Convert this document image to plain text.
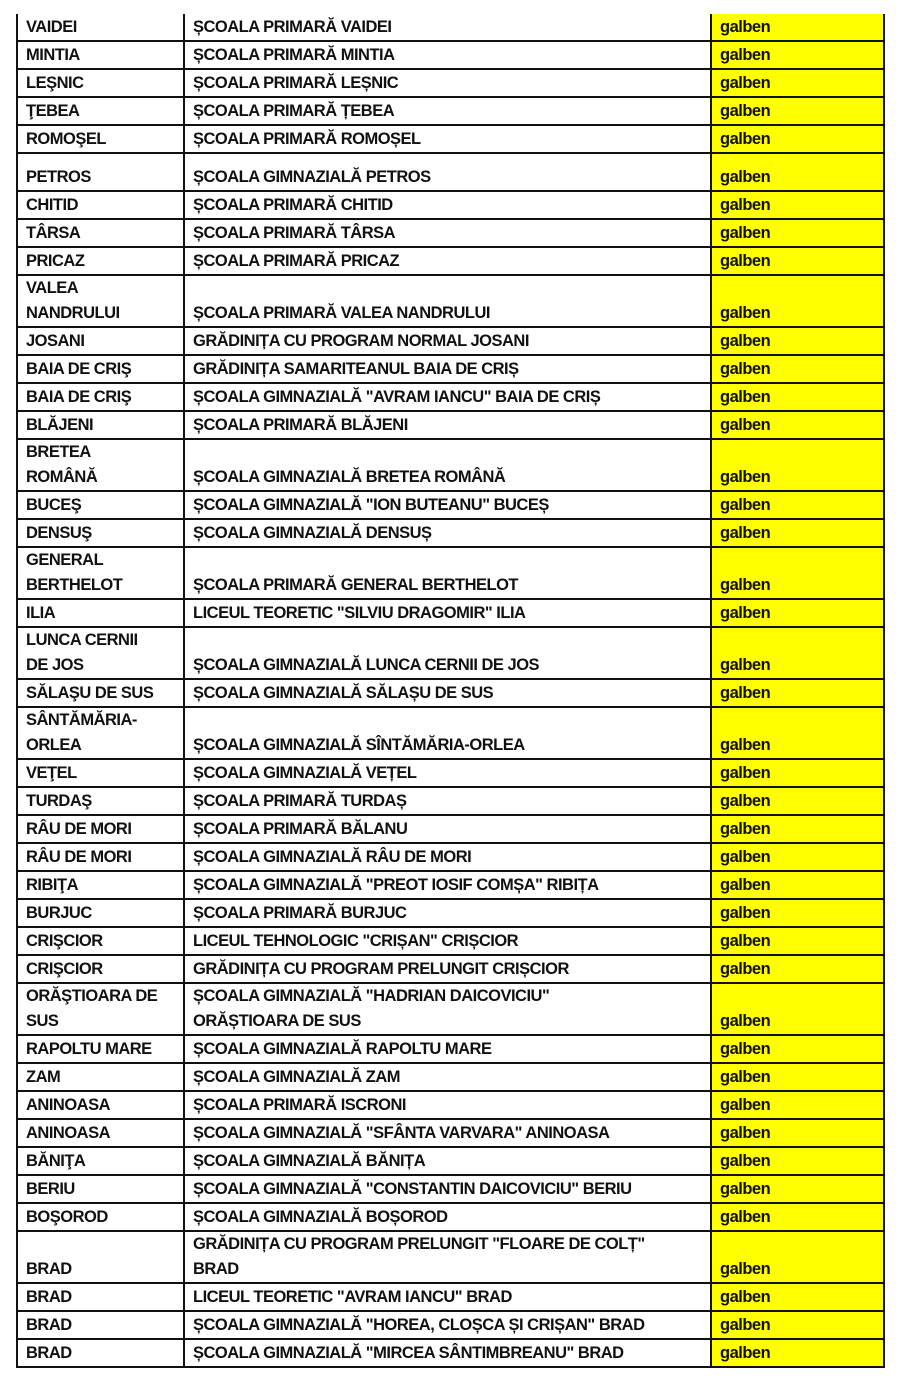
VAIDEI	ȘCOALA PRIMARĂ VAIDEI	galben

MINTIA	ȘCOALA PRIMARĂ MINTIA	galben

LEŞNIC	ȘCOALA PRIMARĂ LEȘNIC	galben

ŢEBEA	ȘCOALA PRIMARĂ ȚEBEA	galben

ROMOŞEL	ȘCOALA PRIMARĂ ROMOȘEL	galben

PETROS	ȘCOALA GIMNAZIALĂ PETROS	galben

CHITID	ȘCOALA PRIMARĂ CHITID	galben

TÂRSA	ȘCOALA PRIMARĂ TÂRSA	galben

PRICAZ	ȘCOALA PRIMARĂ PRICAZ	galben

VALEA
NANDRULUI	ȘCOALA PRIMARĂ VALEA NANDRULUI	galben

JOSANI	GRĂDINIȚA CU PROGRAM NORMAL JOSANI	galben

BAIA DE CRIŞ	GRĂDINIȚA SAMARITEANUL BAIA DE CRIȘ	galben

BAIA DE CRIŞ	ȘCOALA GIMNAZIALĂ "AVRAM IANCU" BAIA DE CRIȘ	galben

BLĂJENI	ȘCOALA PRIMARĂ BLĂJENI	galben

BRETEA
ROMÂNĂ	ȘCOALA GIMNAZIALĂ BRETEA ROMÂNĂ	galben

BUCEŞ	ȘCOALA GIMNAZIALĂ "ION BUTEANU" BUCEȘ	galben

DENSUŞ	ȘCOALA GIMNAZIALĂ DENSUȘ	galben

GENERAL
BERTHELOT	ȘCOALA PRIMARĂ GENERAL BERTHELOT	galben

ILIA	LICEUL TEORETIC "SILVIU DRAGOMIR" ILIA	galben

LUNCA CERNII
DE JOS	ȘCOALA GIMNAZIALĂ LUNCA CERNII DE JOS	galben

SĂLAŞU DE SUS	ȘCOALA GIMNAZIALĂ SĂLAȘU DE SUS	galben

SÂNTĂMĂRIA-
ORLEA	ȘCOALA GIMNAZIALĂ SÎNTĂMĂRIA-ORLEA	galben

VEŢEL	ȘCOALA GIMNAZIALĂ VEȚEL	galben

TURDAŞ	ȘCOALA PRIMARĂ TURDAȘ	galben

RÂU DE MORI	ȘCOALA PRIMARĂ BĂLANU	galben

RÂU DE MORI	ȘCOALA GIMNAZIALĂ RÂU DE MORI	galben

RIBIŢA	ȘCOALA GIMNAZIALĂ "PREOT IOSIF COMȘA" RIBIȚA	galben

BURJUC	ȘCOALA PRIMARĂ BURJUC	galben

CRIŞCIOR	LICEUL TEHNOLOGIC "CRIȘAN" CRIȘCIOR	galben

CRIŞCIOR	GRĂDINIȚA CU PROGRAM PRELUNGIT CRIȘCIOR	galben

ORĂŞTIOARA DE
SUS	ȘCOALA GIMNAZIALĂ "HADRIAN DAICOVICIU"
ORĂȘTIOARA DE SUS	galben

RAPOLTU MARE	ȘCOALA GIMNAZIALĂ RAPOLTU MARE	galben

ZAM	ȘCOALA GIMNAZIALĂ ZAM	galben

ANINOASA	ȘCOALA PRIMARĂ ISCRONI	galben

ANINOASA	ȘCOALA GIMNAZIALĂ "SFÂNTA VARVARA" ANINOASA	galben

BĂNIŢA	ȘCOALA GIMNAZIALĂ BĂNIȚA	galben

BERIU	ȘCOALA GIMNAZIALĂ "CONSTANTIN DAICOVICIU" BERIU	galben

BOŞOROD	ȘCOALA GIMNAZIALĂ BOȘOROD	galben

BRAD	GRĂDINIȚA CU PROGRAM PRELUNGIT "FLOARE DE COLȚ"
BRAD	galben

BRAD	LICEUL TEORETIC "AVRAM IANCU" BRAD	galben

BRAD	ȘCOALA GIMNAZIALĂ "HOREA, CLOȘCA ȘI CRIȘAN" BRAD	galben

BRAD	ȘCOALA GIMNAZIALĂ "MIRCEA SÂNTIMBREANU" BRAD	galben
